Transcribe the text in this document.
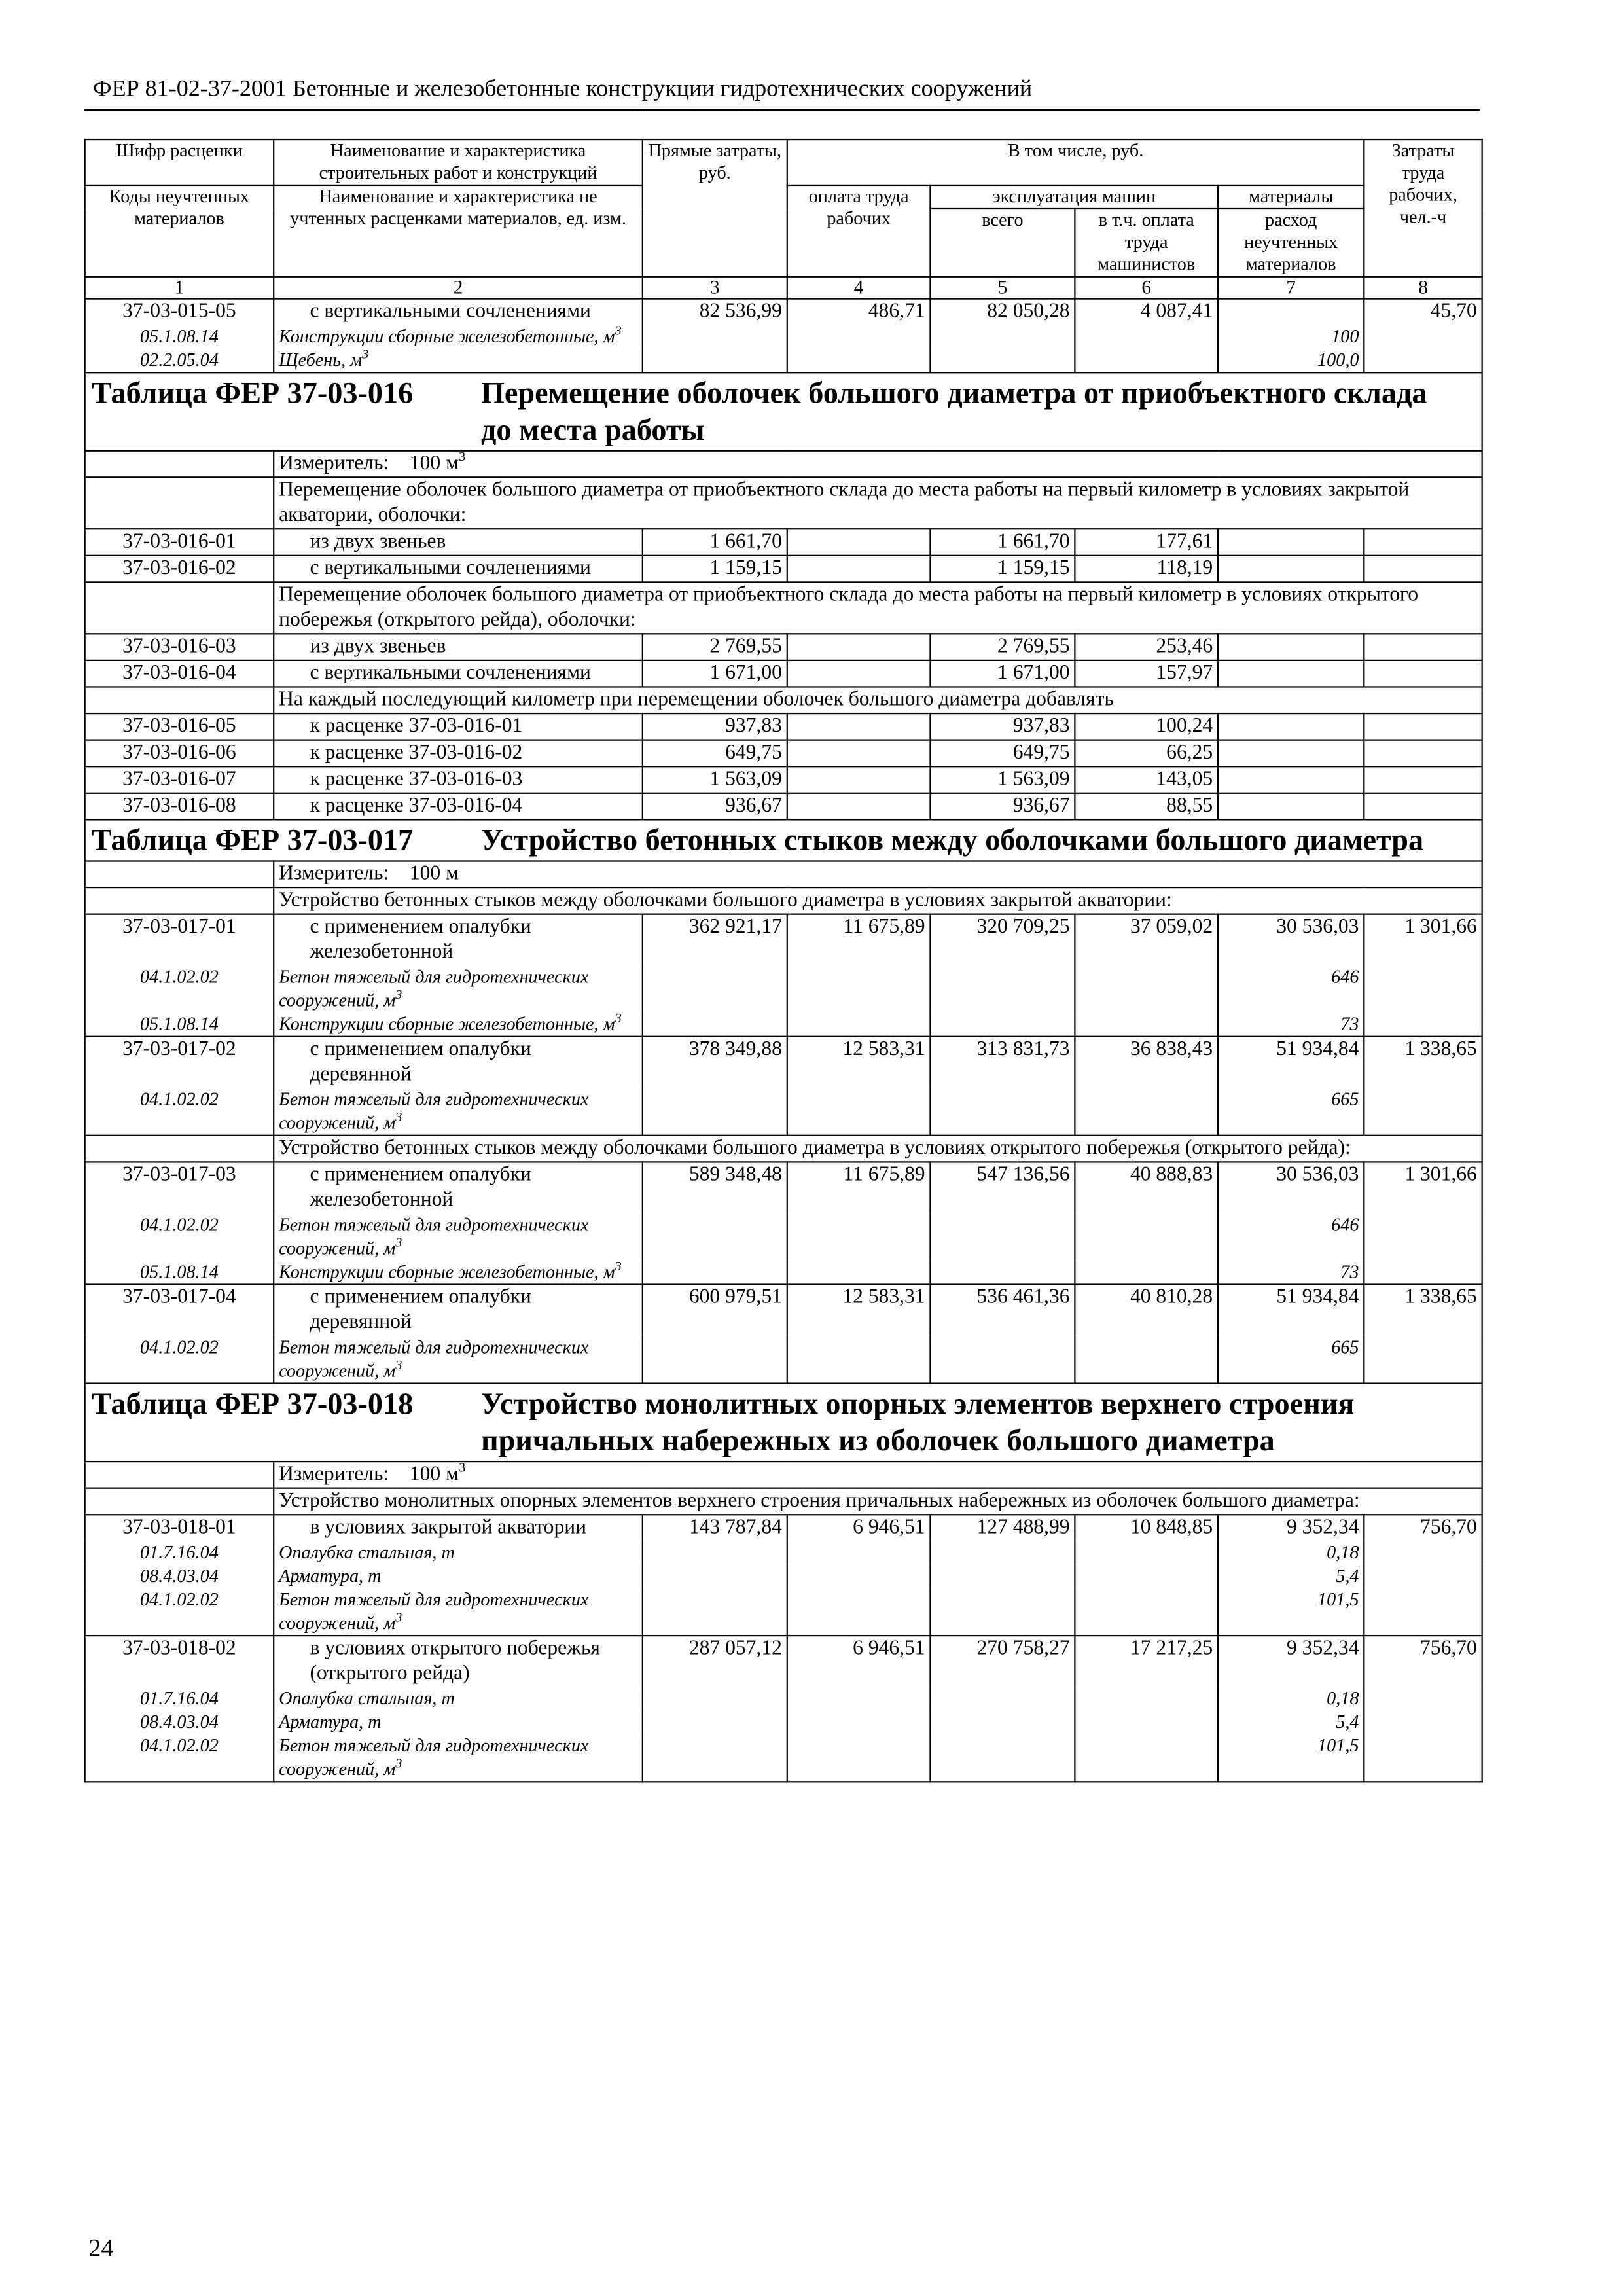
ФЕР 81-02-37-2001 Бетонные и железобетонные конструкции гидротехнических сооружений
Шифр расценки	Наименование и характеристика строительных работ и конструкций	Прямые затраты, руб.	В том числе, руб.				Затраты труда рабочих, чел.-ч
Коды неучтенных материалов	Наименование и характеристика не учтенных расценками материалов, ед. изм.		оплата труда рабочих	эксплуатация машин		материалы	
				всего	в т.ч. оплата труда машинистов	расход неучтенных материалов	
1	2	3	4	5	6	7	8
37-03-015-05	с вертикальными сочленениями	82 536,99	486,71	82 050,28	4 087,41		45,70
05.1.08.14	Конструкции сборные железобетонные, $м^3$					100	
02.2.05.04	Щебень, $м^3$					100,0	
Таблица ФЕР 37-03-016 Перемещение оболочек большого диаметра от приобъектного склада до места работы							
	Измеритель: 100 $м^3$
	Перемещение оболочек большого диаметра от приобъектного склада до места работы на первый километр в условиях закрытой акватории, оболочки:						
37-03-016-01	из двух звеньев	1 661,70		1 661,70	177,61		
37-03-016-02	с вертикальными сочленениями	1 159,15		1 159,15	118,19		
	Перемещение оболочек большого диаметра от приобъектного склада до места работы на первый километр в условиях открытого побережья (открытого рейда), оболочки:						
37-03-016-03	из двух звеньев	2 769,55		2 769,55	253,46		
37-03-016-04	с вертикальными сочленениями	1 671,00		1 671,00	157,97		
	На каждый последующий километр при перемещении оболочек большого диаметра добавлять						
37-03-016-05	к расценке 37-03-016-01	937,83		937,83	100,24		
37-03-016-06	к расценке 37-03-016-02	649,75		649,75	66,25		
37-03-016-07	к расценке 37-03-016-03	1 563,09		1 563,09	143,05		
37-03-016-08	к расценке 37-03-016-04	936,67		936,67	88,55		
Таблица ФЕР 37-03-017 Устройство бетонных стыков между оболочками большого диаметра							
	Измеритель: 100 м						
	Устройство бетонных стыков между оболочками большого диаметра в условиях закрытой акватории:						
37-03-017-01	с применением опалубки железобетонной	362 921,17	11 675,89	320 709,25	37 059,02	30 536,03	1 301,66
04.1.02.02	Бетон тяжелый для гидротехнических сооружений, $м^3$					646	
05.1.08.14	Конструкции сборные железобетонные, $м^3$					73	
37-03-017-02	с применением опалубки деревянной	378 349,88	12 583,31	313 831,73	36 838,43	51 934,84	1 338,65
04.1.02.02	Бетон тяжелый для гидротехнических сооружений, $м^3$					665	
	Устройство бетонных стыков между оболочками большого диаметра в условиях открытого побережья (открытого рейда):						
37-03-017-03	с применением опалубки железобетонной	589 348,48	11 675,89	547 136,56	40 888,83	30 536,03	1 301,66
04.1.02.02	Бетон тяжелый для гидротехнических сооружений, $м^3$					646	
05.1.08.14	Конструкции сборные железобетонные, $м^3$					73	
37-03-017-04	с применением опалубки деревянной	600 979,51	12 583,31	536 461,36	40 810,28	51 934,84	1 338,65
04.1.02.02	Бетон тяжелый для гидротехнических сооружений, $м^3$					665	
Таблица ФЕР 37-03-018 Устройство монолитных опорных элементов верхнего строения причальных набережных из оболочек большого диаметра							
	Измеритель: 100 $м^3$
	Устройство монолитных опорных элементов верхнего строения причальных набережных из оболочек большого диаметра:						
37-03-018-01	в условиях закрытой акватории	143 787,84	6 946,51	127 488,99	10 848,85	9 352,34	756,70
01.7.16.04	Опалубка стальная, т					0,18	
08.4.03.04	Арматура, т					5,4	
04.1.02.02	Бетон тяжелый для гидротехнических сооружений, $м^3$					101,5	
37-03-018-02	в условиях открытого побережья (открытого рейда)	287 057,12	6 946,51	270 758,27	17 217,25	9 352,34	756,70
01.7.16.04	Опалубка стальная, т					0,18	
08.4.03.04	Арматура, т					5,4	
04.1.02.02	Бетон тяжелый для гидротехнических сооружений, $м^3$					101,5	
24
